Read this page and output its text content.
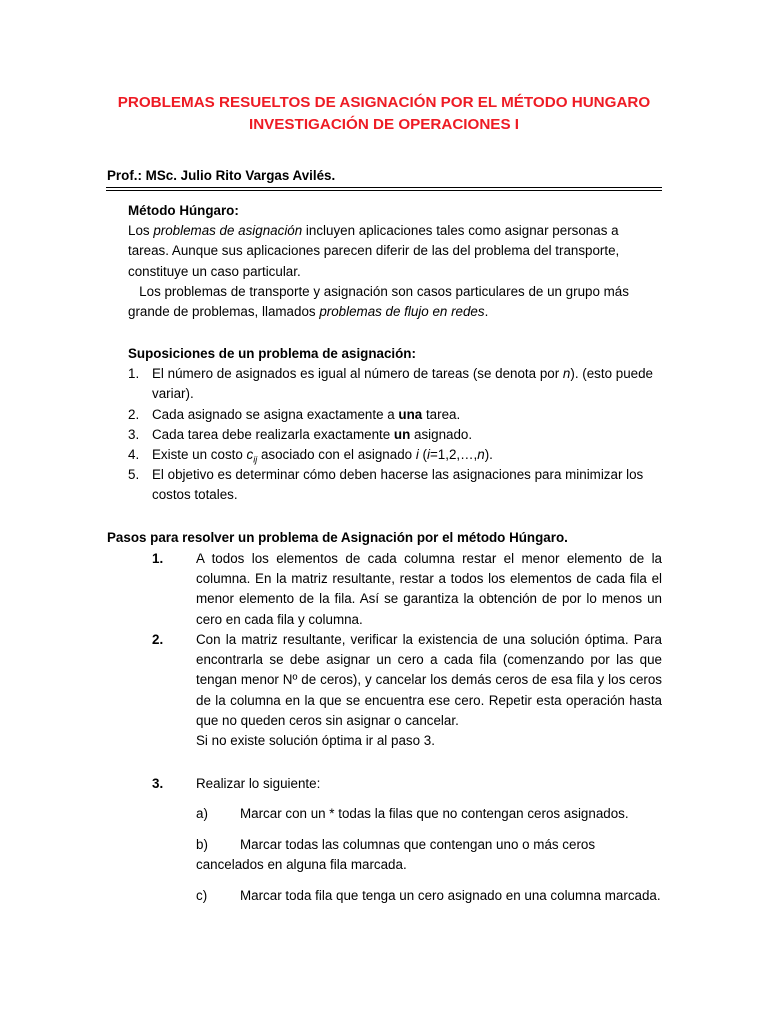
PROBLEMAS RESUELTOS DE ASIGNACIÓN POR EL MÉTODO HUNGARO
INVESTIGACIÓN DE OPERACIONES I
Prof.: MSc. Julio Rito Vargas Avilés.
Método Húngaro:
Los problemas de asignación incluyen aplicaciones tales como asignar personas a tareas. Aunque sus aplicaciones parecen diferir de las del problema del transporte, constituye un caso particular.
Los problemas de transporte y asignación son casos particulares de un grupo más grande de problemas, llamados problemas de flujo en redes.
Suposiciones de un problema de asignación:
1. El número de asignados es igual al número de tareas (se denota por n). (esto puede variar).
2. Cada asignado se asigna exactamente a una tarea.
3. Cada tarea debe realizarla exactamente un asignado.
4. Existe un costo $c_{ij}$ asociado con el asignado i (i=1,2,…,n).
5. El objetivo es determinar cómo deben hacerse las asignaciones para minimizar los costos totales.
Pasos para resolver un problema de Asignación por el método Húngaro.
1. A todos los elementos de cada columna restar el menor elemento de la columna. En la matriz resultante, restar a todos los elementos de cada fila el menor elemento de la fila. Así se garantiza la obtención de por lo menos un cero en cada fila y columna.
2. Con la matriz resultante, verificar la existencia de una solución óptima. Para encontrarla se debe asignar un cero a cada fila (comenzando por las que tengan menor Nº de ceros), y cancelar los demás ceros de esa fila y los ceros de la columna en la que se encuentra ese cero. Repetir esta operación hasta que no queden ceros sin asignar o cancelar.
Si no existe solución óptima ir al paso 3.
3. Realizar lo siguiente:
a) Marcar con un * todas la filas que no contengan ceros asignados.
b) Marcar todas las columnas que contengan uno o más ceros cancelados en alguna fila marcada.
c) Marcar toda fila que tenga un cero asignado en una columna marcada.
